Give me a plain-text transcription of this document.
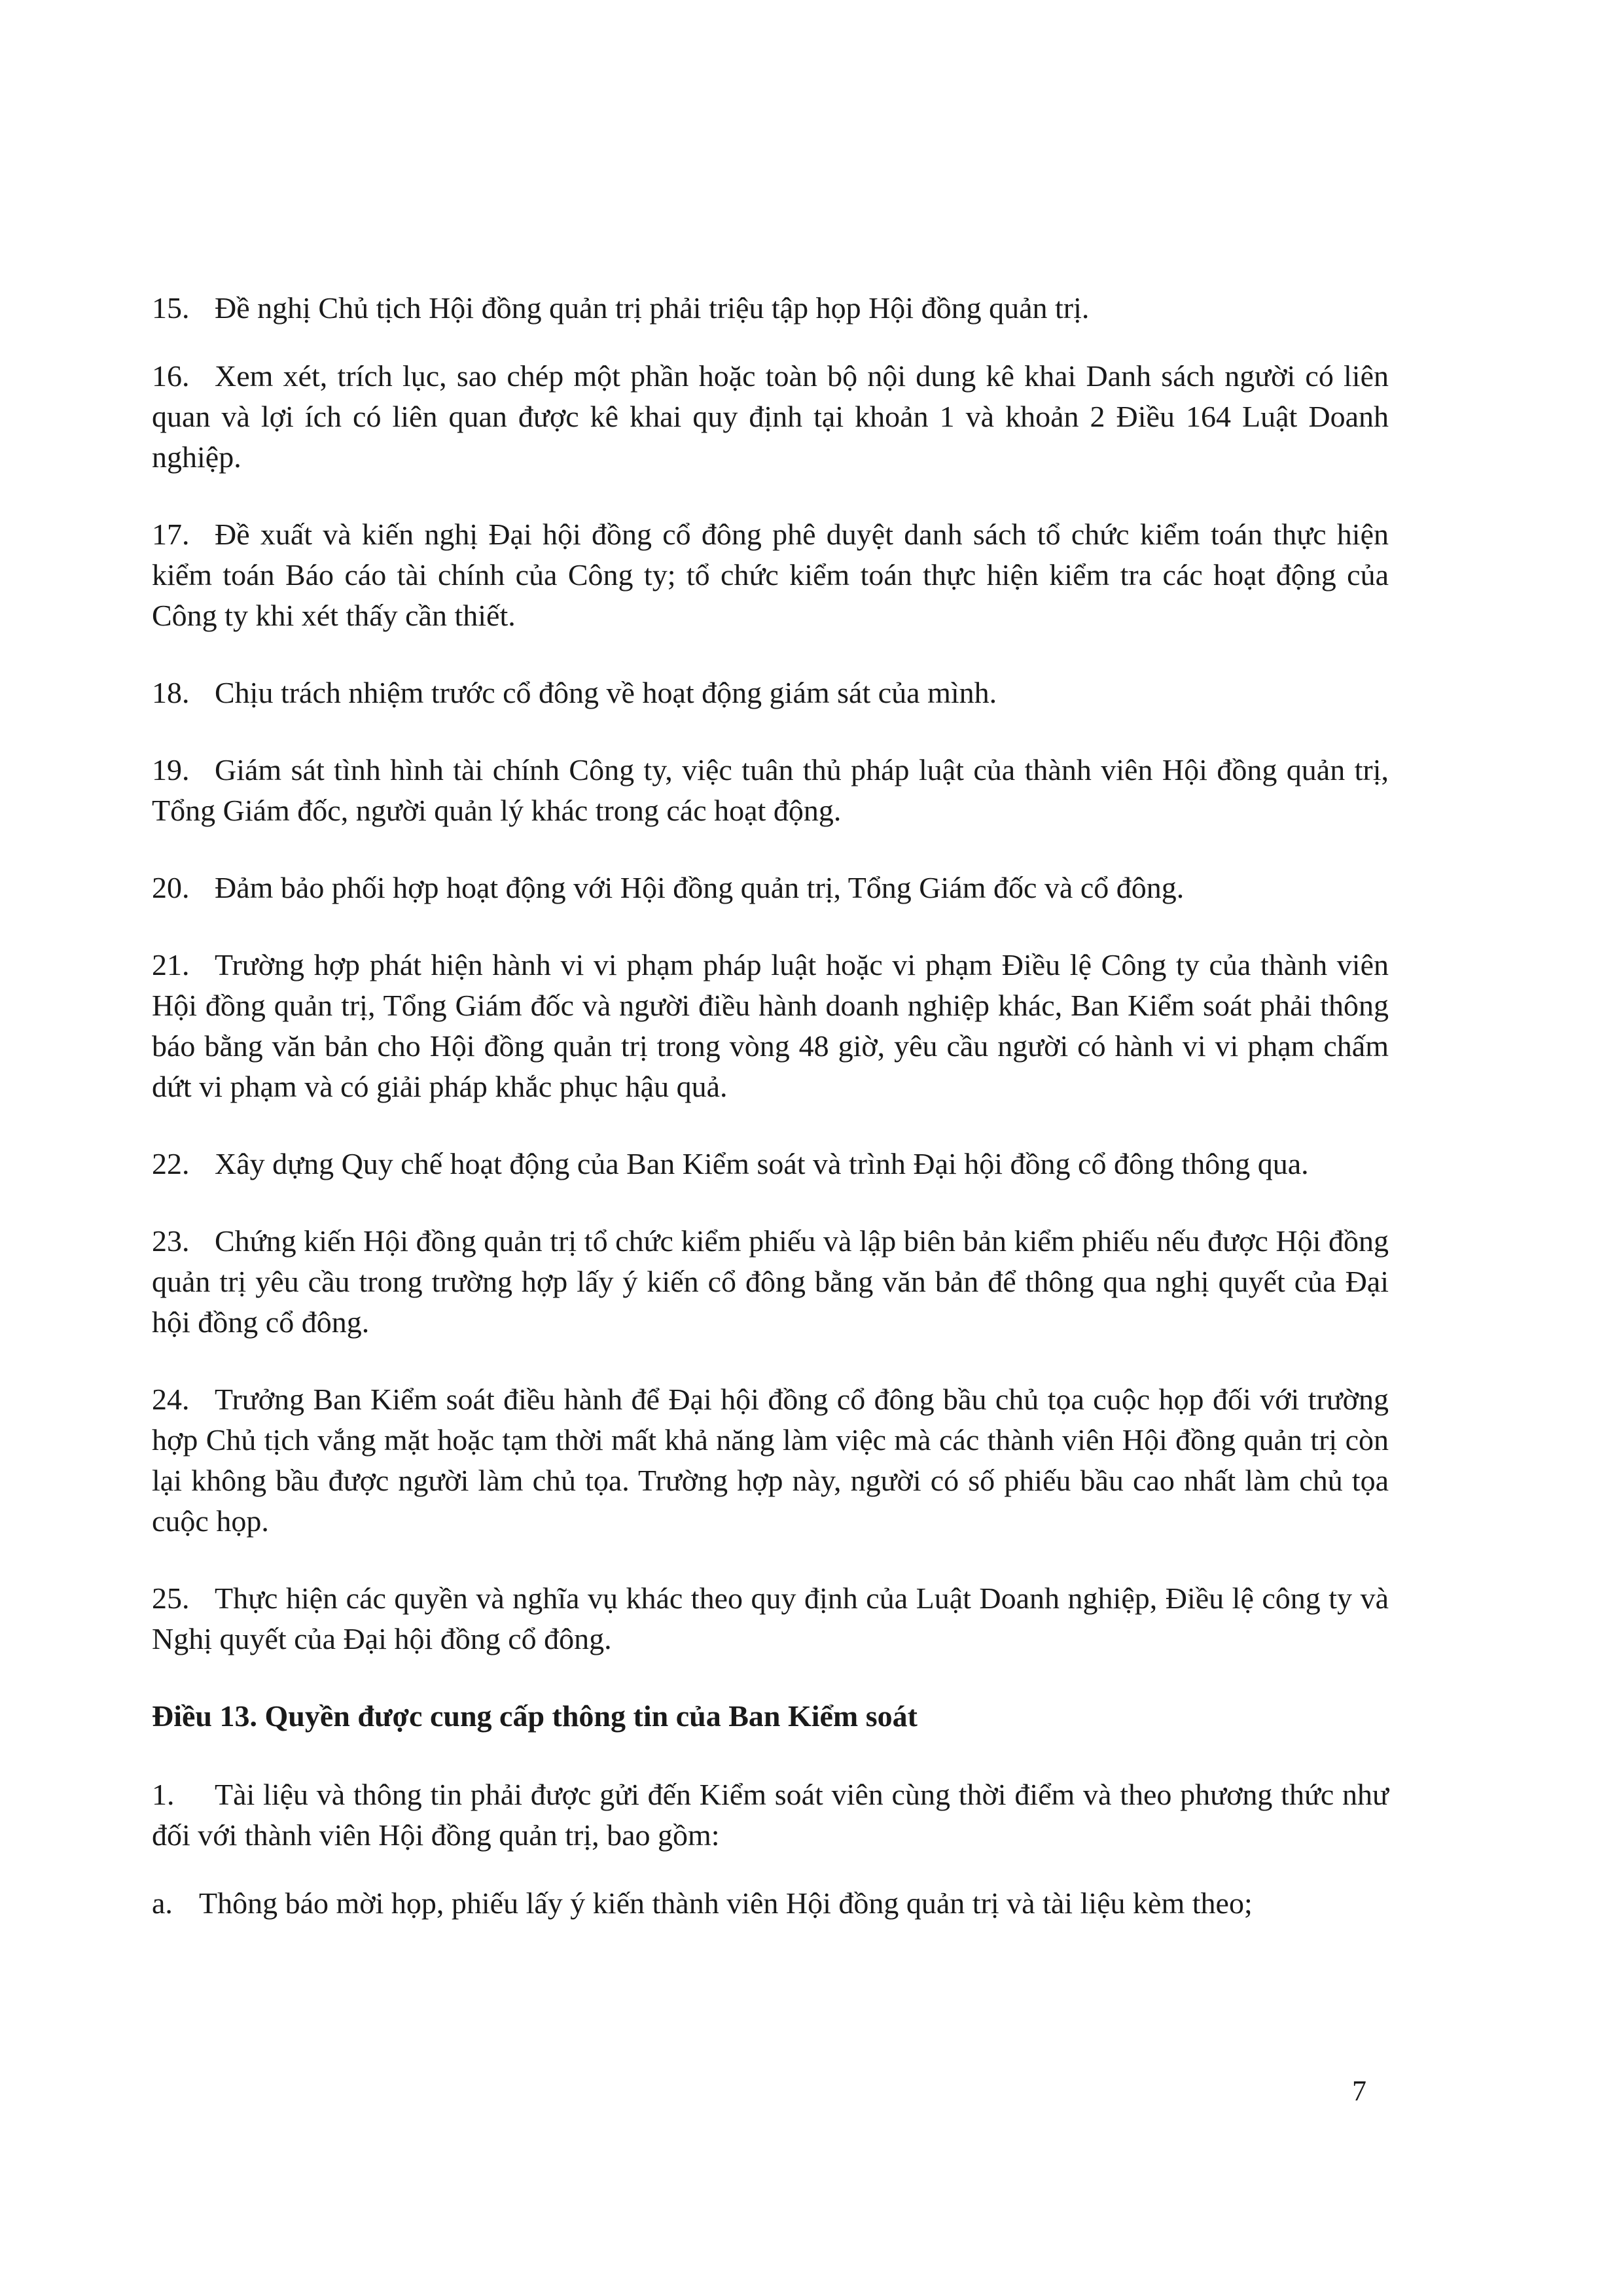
15. Đề nghị Chủ tịch Hội đồng quản trị phải triệu tập họp Hội đồng quản trị.

16. Xem xét, trích lục, sao chép một phần hoặc toàn bộ nội dung kê khai Danh sách người có liên quan và lợi ích có liên quan được kê khai quy định tại khoản 1 và khoản 2 Điều 164 Luật Doanh nghiệp.

17. Đề xuất và kiến nghị Đại hội đồng cổ đông phê duyệt danh sách tổ chức kiểm toán thực hiện kiểm toán Báo cáo tài chính của Công ty; tổ chức kiểm toán thực hiện kiểm tra các hoạt động của Công ty khi xét thấy cần thiết.

18. Chịu trách nhiệm trước cổ đông về hoạt động giám sát của mình.

19. Giám sát tình hình tài chính Công ty, việc tuân thủ pháp luật của thành viên Hội đồng quản trị, Tổng Giám đốc, người quản lý khác trong các hoạt động.

20. Đảm bảo phối hợp hoạt động với Hội đồng quản trị, Tổng Giám đốc và cổ đông.

21. Trường hợp phát hiện hành vi vi phạm pháp luật hoặc vi phạm Điều lệ Công ty của thành viên Hội đồng quản trị, Tổng Giám đốc và người điều hành doanh nghiệp khác, Ban Kiểm soát phải thông báo bằng văn bản cho Hội đồng quản trị trong vòng 48 giờ, yêu cầu người có hành vi vi phạm chấm dứt vi phạm và có giải pháp khắc phục hậu quả.

22. Xây dựng Quy chế hoạt động của Ban Kiểm soát và trình Đại hội đồng cổ đông thông qua.

23. Chứng kiến Hội đồng quản trị tổ chức kiểm phiếu và lập biên bản kiểm phiếu nếu được Hội đồng quản trị yêu cầu trong trường hợp lấy ý kiến cổ đông bằng văn bản để thông qua nghị quyết của Đại hội đồng cổ đông.

24. Trưởng Ban Kiểm soát điều hành để Đại hội đồng cổ đông bầu chủ tọa cuộc họp đối với trường hợp Chủ tịch vắng mặt hoặc tạm thời mất khả năng làm việc mà các thành viên Hội đồng quản trị còn lại không bầu được người làm chủ tọa. Trường hợp này, người có số phiếu bầu cao nhất làm chủ tọa cuộc họp.

25. Thực hiện các quyền và nghĩa vụ khác theo quy định của Luật Doanh nghiệp, Điều lệ công ty và Nghị quyết của Đại hội đồng cổ đông.

Điều 13. Quyền được cung cấp thông tin của Ban Kiểm soát

1. Tài liệu và thông tin phải được gửi đến Kiểm soát viên cùng thời điểm và theo phương thức như đối với thành viên Hội đồng quản trị, bao gồm:

a. Thông báo mời họp, phiếu lấy ý kiến thành viên Hội đồng quản trị và tài liệu kèm theo;

7
